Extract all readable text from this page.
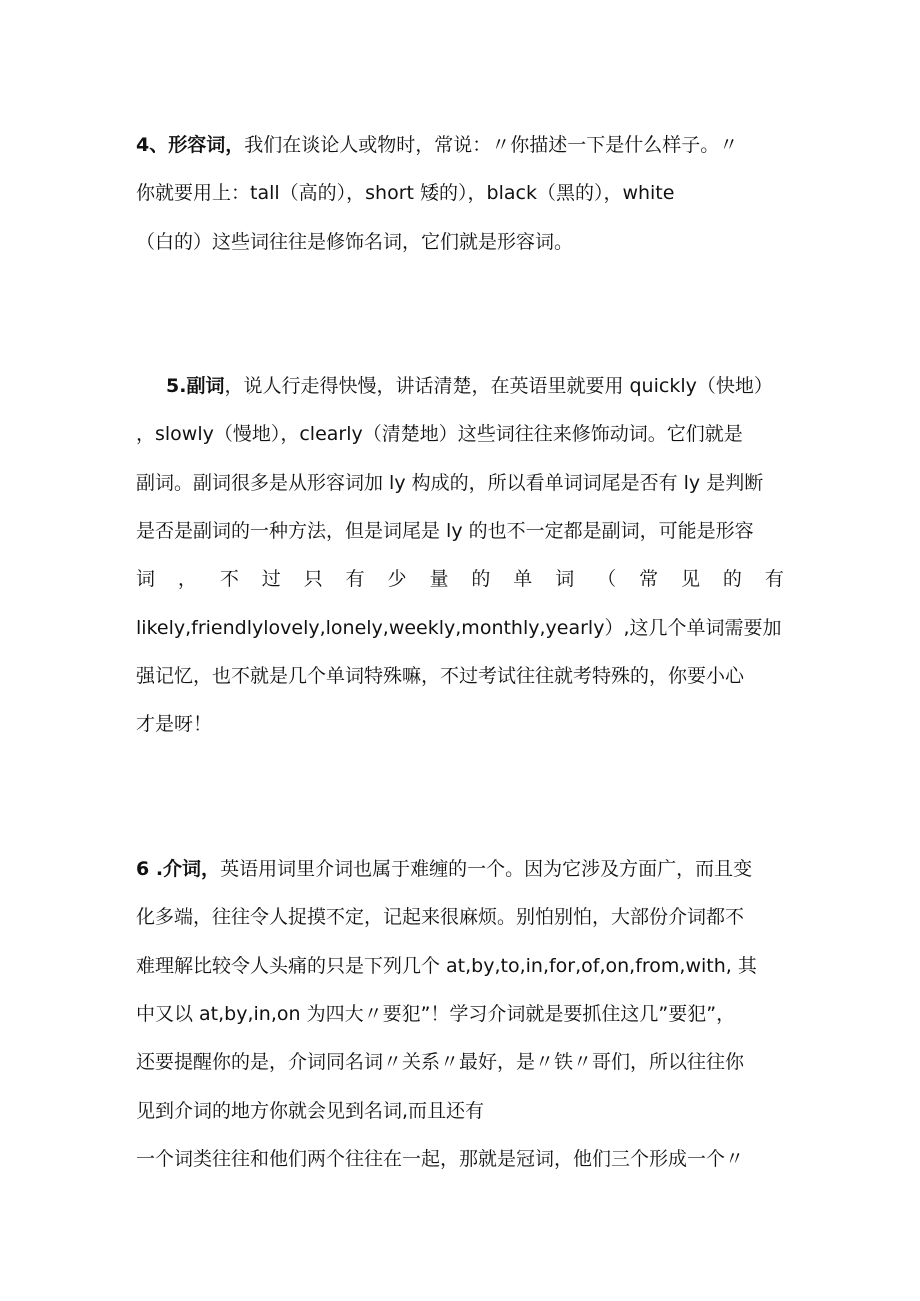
4、形容词，我们在谈论人或物时，常说：〃你描述一下是什么样子。〃
你就要用上：tall（高的），short 矮的），black（黑的），white
（白的）这些词往往是修饰名词，它们就是形容词。
5.副词，说人行走得快慢，讲话清楚，在英语里就要用 quickly（快地）
，slowly（慢地），clearly（清楚地）这些词往往来修饰动词。它们就是
副词。副词很多是从形容词加 ly 构成的，所以看单词词尾是否有 ly 是判断
是否是副词的一种方法，但是词尾是 ly 的也不一定都是副词，可能是形容
词 ， 不 过 只 有 少 量 的 单 词 （ 常 见 的 有
likely,friendlylovely,lonely,weekly,monthly,yearly）,这几个单词需要加
强记忆，也不就是几个单词特殊嘛，不过考试往往就考特殊的，你要小心
才是呀！
6 .介词，英语用词里介词也属于难缠的一个。因为它涉及方面广，而且变
化多端，往往令人捉摸不定，记起来很麻烦。别怕别怕，大部份介词都不
难理解比较令人头痛的只是下列几个 at,by,to,in,for,of,on,from,with, 其
中又以 at,by,in,on 为四大〃要犯”！学习介词就是要抓住这几”要犯”，
还要提醒你的是，介词同名词〃关系〃最好，是〃铁〃哥们，所以往往你
见到介词的地方你就会见到名词,而且还有
一个词类往往和他们两个往往在一起，那就是冠词，他们三个形成一个〃
